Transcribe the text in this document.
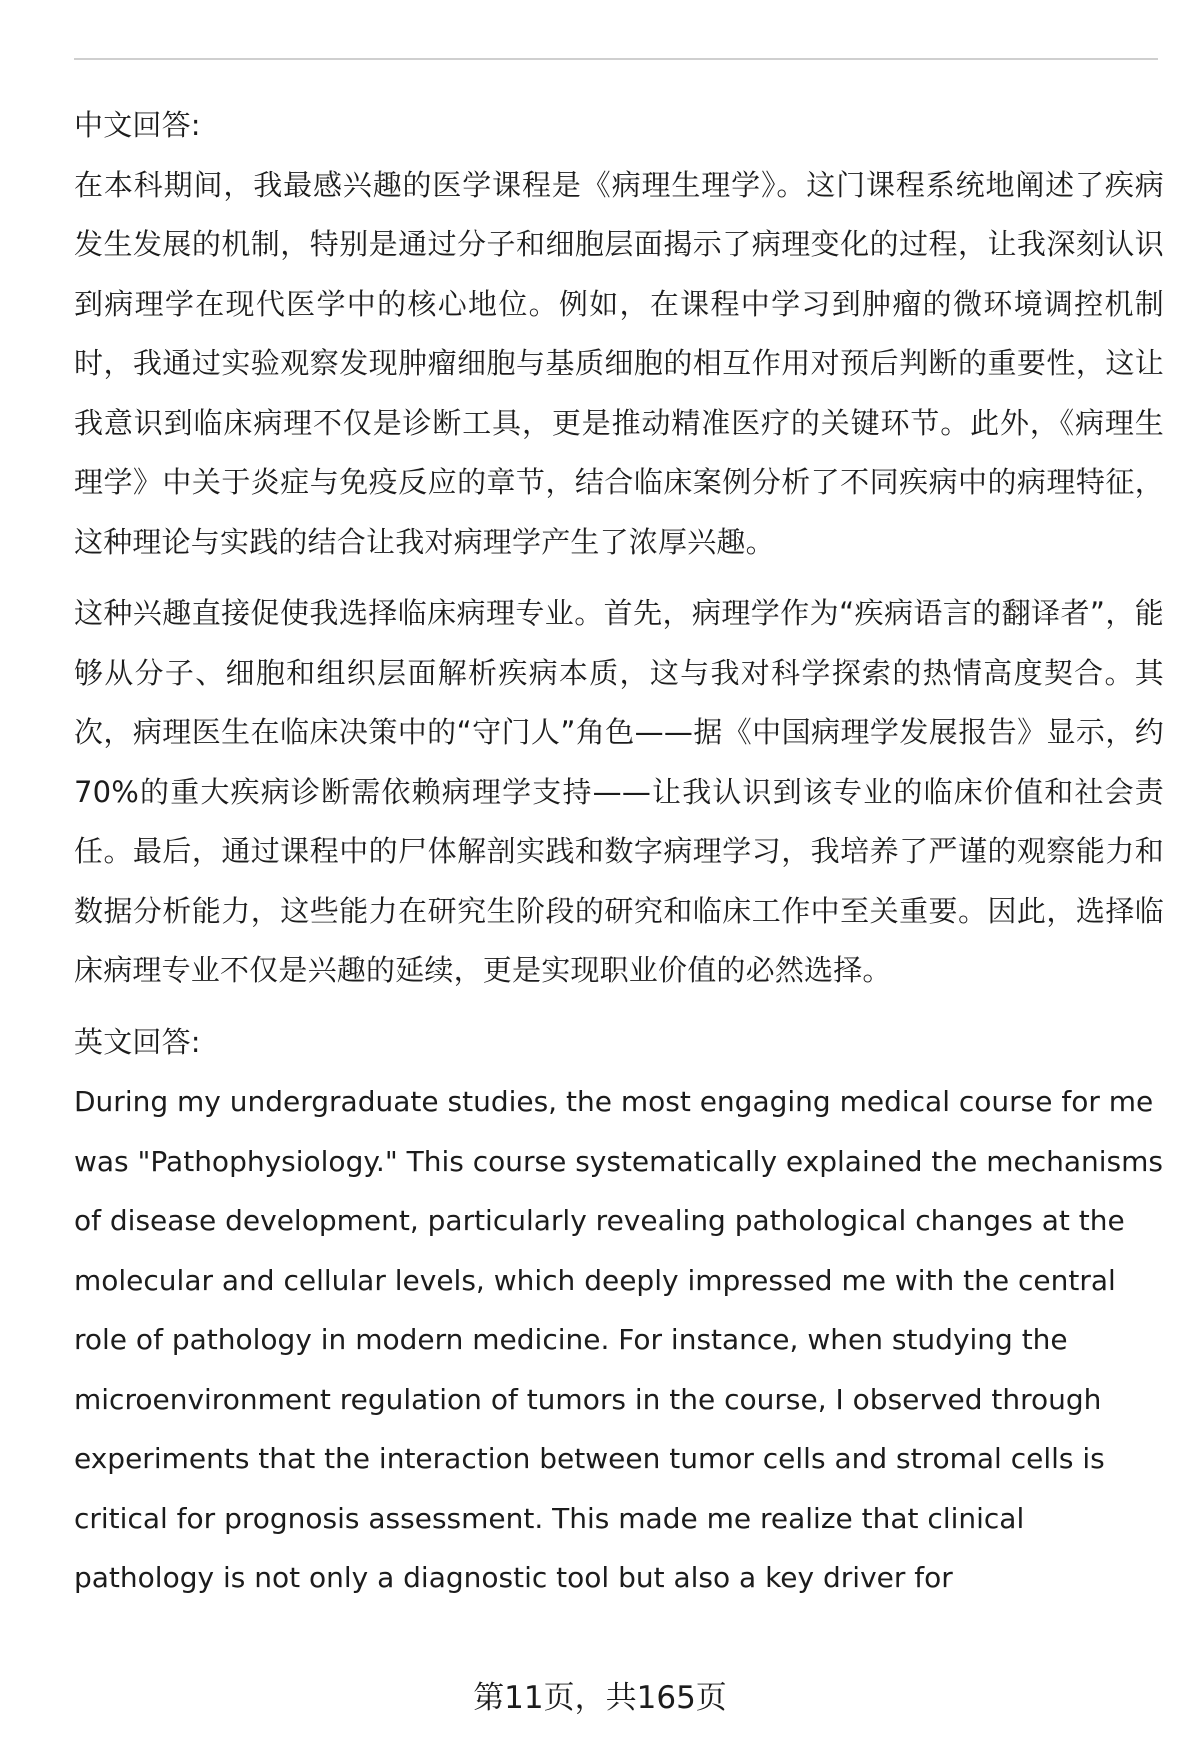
中文回答:

在本科期间，我最感兴趣的医学课程是《病理生理学》。这门课程系统地阐述了疾病发生发展的机制，特别是通过分子和细胞层面揭示了病理变化的过程，让我深刻认识到病理学在现代医学中的核心地位。例如，在课程中学习到肿瘤的微环境调控机制时，我通过实验观察发现肿瘤细胞与基质细胞的相互作用对预后判断的重要性，这让我意识到临床病理不仅是诊断工具，更是推动精准医疗的关键环节。此外，《病理生理学》中关于炎症与免疫反应的章节，结合临床案例分析了不同疾病中的病理特征，这种理论与实践的结合让我对病理学产生了浓厚兴趣。

这种兴趣直接促使我选择临床病理专业。首先，病理学作为“疾病语言的翻译者”，能够从分子、细胞和组织层面解析疾病本质，这与我对科学探索的热情高度契合。其次，病理医生在临床决策中的“守门人”角色——据《中国病理学发展报告》显示，约70%的重大疾病诊断需依赖病理学支持——让我认识到该专业的临床价值和社会责任。最后，通过课程中的尸体解剖实践和数字病理学习，我培养了严谨的观察能力和数据分析能力，这些能力在研究生阶段的研究和临床工作中至关重要。因此，选择临床病理专业不仅是兴趣的延续，更是实现职业价值的必然选择。

英文回答:

During my undergraduate studies, the most engaging medical course for me was "Pathophysiology." This course systematically explained the mechanisms of disease development, particularly revealing pathological changes at the molecular and cellular levels, which deeply impressed me with the central role of pathology in modern medicine. For instance, when studying the microenvironment regulation of tumors in the course, I observed through experiments that the interaction between tumor cells and stromal cells is critical for prognosis assessment. This made me realize that clinical pathology is not only a diagnostic tool but also a key driver for

第11页，共165页
